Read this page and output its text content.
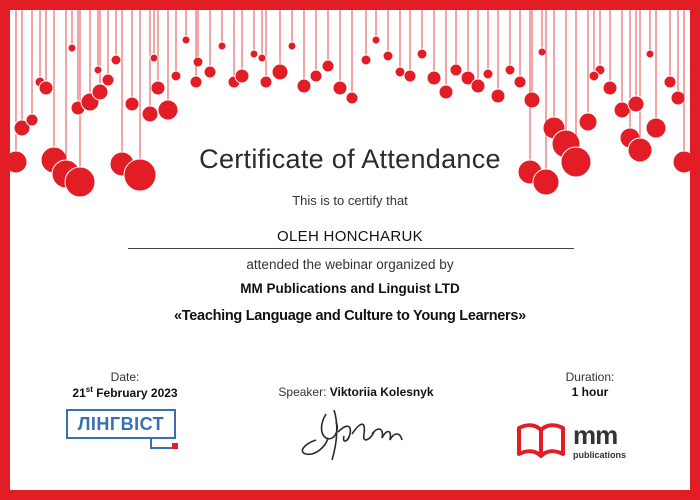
Certificate of Attendance
This is to certify that
OLEH HONCHARUK
attended the webinar organized by
MM Publications and Linguist LTD
«Teaching Language and Culture to Young Learners»
Date:
21st February 2023	Speaker: Viktoriia Kolesnyk
Duration:
1 hour
ЛІНГВІСТ	mm
publications
